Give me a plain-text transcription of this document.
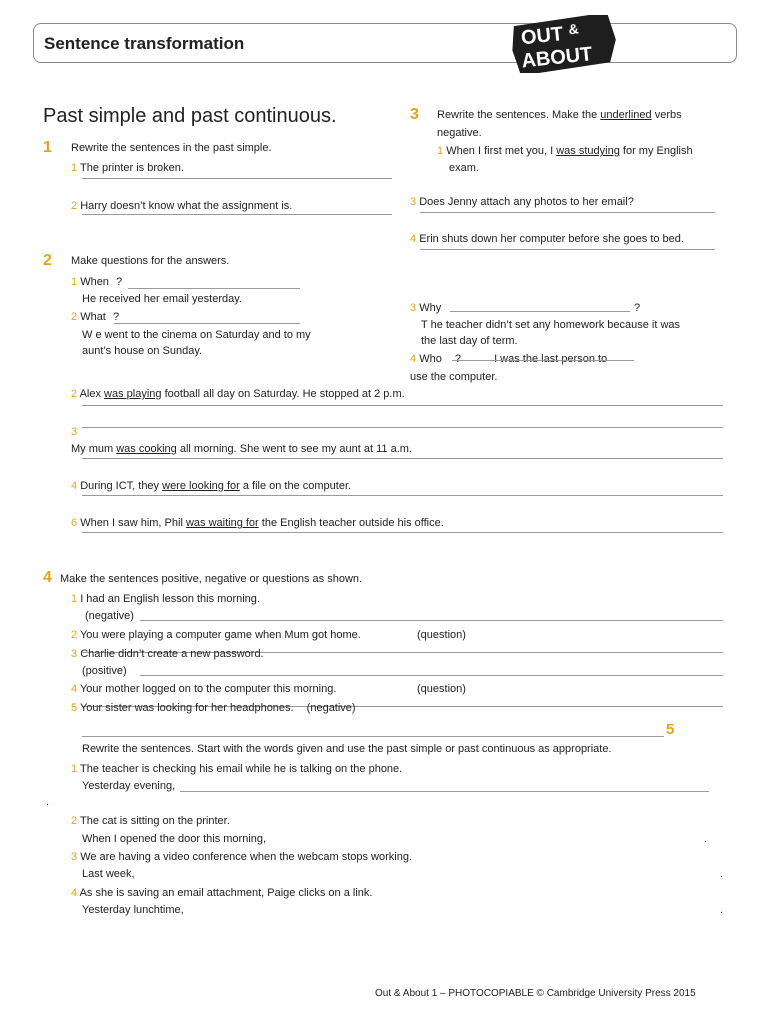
Sentence transformation	OUT &
ABOUT
Past simple and past continuous.
1 Rewrite the sentences in the past simple.
1 The printer is broken.
2 Harry doesn’t know what the assignment is.
2 Make questions for the answers.
1 When ?
He received her email yesterday.
2 What ?
W e went to the cinema on Saturday and to my
aunt’s house on Sunday.
3 Rewrite the sentences. Make the underlined verbs
negative.
1 When I first met you, I was studying for my English
exam.
3 Does Jenny attach any photos to her email?
4 Erin shuts down her computer before she goes to bed.
3 Why	?
T he teacher didn’t set any homework because it was
the last day of term.
4 Who ?	I was the last person to
use the computer.
2 Alex was playing football all day on Saturday. He stopped at 2 p.m.
3
My mum was cooking all morning. She went to see my aunt at 11 a.m.
4 During ICT, they were looking for a file on the computer.
6 When I saw him, Phil was waiting for the English teacher outside his office.
4 Make the sentences positive, negative or questions as shown.
1 I had an English lesson this morning.
(negative)
2 You were playing a computer game when Mum got home.	(question)
3 Charlie didn’t create a new password.
(positive)
4 Your mother logged on to the computer this morning.	(question)
5 Your sister was looking for her headphones. (negative)
5
Rewrite the sentences. Start with the words given and use the past simple or past continuous as appropriate.
1 The teacher is checking his email while he is talking on the phone.
Yesterday evening,
.
2 The cat is sitting on the printer.
When I opened the door this morning,	.
3 We are having a video conference when the webcam stops working.
Last week,	.
4 As she is saving an email attachment, Paige clicks on a link.
Yesterday lunchtime,	.
Out & About 1 – PHOTOCOPIABLE © Cambridge University Press 2015
